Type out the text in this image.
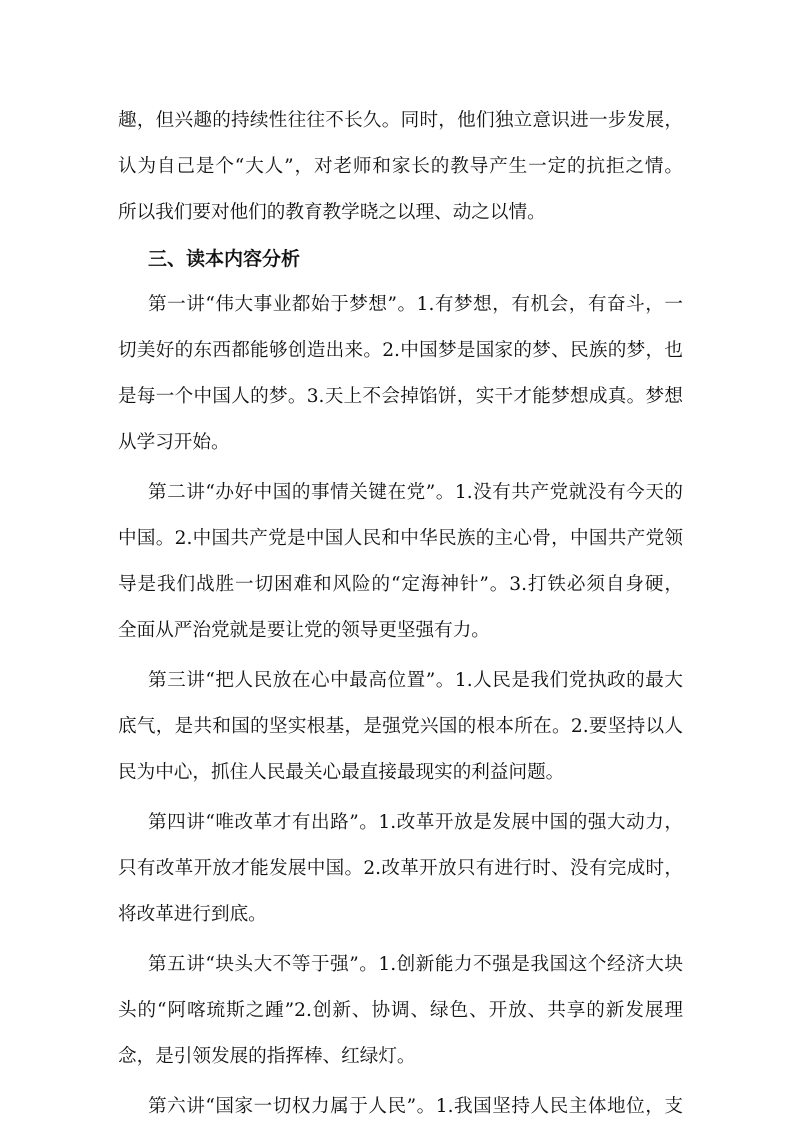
趣，但兴趣的持续性往往不长久。同时，他们独立意识进一步发展，
认为自己是个“大人”，对老师和家长的教导产生一定的抗拒之情。
所以我们要对他们的教育教学晓之以理、动之以情。
三、读本内容分析
第一讲“伟大事业都始于梦想”。1.有梦想，有机会，有奋斗，一
切美好的东西都能够创造出来。2.中国梦是国家的梦、民族的梦，也
是每一个中国人的梦。3.天上不会掉馅饼，实干才能梦想成真。梦想
从学习开始。
第二讲“办好中国的事情关键在党”。1.没有共产党就没有今天的
中国。2.中国共产党是中国人民和中华民族的主心骨，中国共产党领
导是我们战胜一切困难和风险的“定海神针”。3.打铁必须自身硬，
全面从严治党就是要让党的领导更坚强有力。
第三讲“把人民放在心中最高位置”。1.人民是我们党执政的最大
底气，是共和国的坚实根基，是强党兴国的根本所在。2.要坚持以人
民为中心，抓住人民最关心最直接最现实的利益问题。
第四讲“唯改革才有出路”。1.改革开放是发展中国的强大动力，
只有改革开放才能发展中国。2.改革开放只有进行时、没有完成时，
将改革进行到底。
第五讲“块头大不等于强”。1.创新能力不强是我国这个经济大块
头的“阿喀琉斯之踵”2.创新、协调、绿色、开放、共享的新发展理
念，是引领发展的指挥棒、红绿灯。
第六讲“国家一切权力属于人民”。1.我国坚持人民主体地位，支
